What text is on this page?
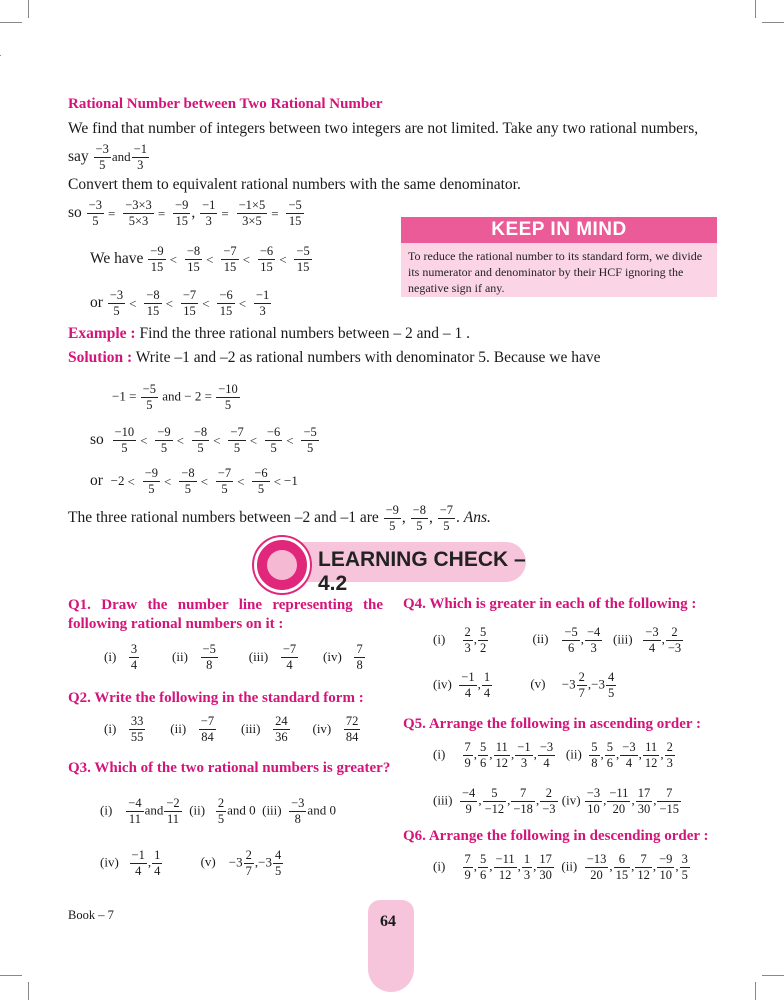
Rational Number between Two Rational Number
We find that number of integers between two integers are not limited. Take any two rational numbers,
say $\frac{-3}{5}$ and $\frac{-1}{3}$
Convert them to equivalent rational numbers with the same denominator.
so $\frac{-3}{5} = \frac{-3\times 3}{5\times 3} = \frac{-9}{15}$ , $\frac{-1}{3} = \frac{-1\times 5}{3\times 5} = \frac{-5}{15}$
We have $\frac{-9}{15} < \frac{-8}{15} < \frac{-7}{15} < \frac{-6}{15} < \frac{-5}{15}$
or $\frac{-3}{5} < \frac{-8}{15} < \frac{-7}{15} < \frac{-6}{15} < \frac{-1}{3}$
KEEP IN MIND
To reduce the rational number to its standard form, we divide its numerator and denominator by their HCF ignoring the negative sign if any.
Example : Find the three rational numbers between – 2 and – 1 .
Solution : Write –1 and –2 as rational numbers with denominator 5. Because we have
$-1 = \frac{-5}{5}$ and − $2 = \frac{-10}{5}$
so $\frac{-10}{5} < \frac{-9}{5} < \frac{-8}{5} < \frac{-7}{5} < \frac{-6}{5} < \frac{-5}{5}$
or $-2 < \frac{-9}{5} < \frac{-8}{5} < \frac{-7}{5} < \frac{-6}{5} < -1$
The three rational numbers between –2 and –1 are $\frac{-9}{5}$ , $\frac{-8}{5}$ , $\frac{-7}{5}$ . Ans.
LEARNING CHECK – 4.2
Q1. Draw the number line representing the following rational numbers on it :
$(i) \frac{3}{4}$	$(ii) \frac{-5}{8} (iii) \frac{-7}{4} (iv) \frac{7}{8}$
Q2. Write the following in the standard form :
$(i) \frac{33}{55} (ii) \frac{-7}{84} (iii) \frac{24}{36} (iv) \frac{72}{84}$
Q3. Which of the two rational numbers is greater?
$(i) \frac{-4}{11}$ and $\frac{-2}{11} (ii) \frac{2}{5}$ and 0 $(iii) \frac{-3}{8}$ and 0
$(iv) \frac{-1}{4}$ , $\frac{1}{4}$	(v)    $-3 \frac{2}{7} ,-3 \frac{4}{5}$
Q4. Which is greater in each of the following :
$(i) \frac{2}{3}$ , $\frac{5}{2}$	$(ii) \frac{-5}{6}$ , $\frac{-4}{3} (iii) \frac{-3}{4}$ , $\frac{2}{-3}$
$(iv) \frac{-1}{4}$ , $\frac{1}{4}$	(v)     $-3 \frac{2}{7} ,-3 \frac{4}{5}$
Q5. Arrange the following in ascending order :
$(i) \frac{7}{9}$ , $\frac{5}{6}$ , $\frac{11}{12}$ , $\frac{-1}{3}$ , $\frac{-3}{4} (ii) \frac{5}{8}$ , $\frac{5}{6}$ , $\frac{-3}{4}$ , $\frac{11}{12}$ , $\frac{2}{3}$
$(iii) \frac{-4}{9}$ , $\frac{5}{-12}$ , $\frac{7}{-18}$ , $\frac{2}{-3} (iv) \frac{-3}{10}$ , $\frac{-11}{20}$ , $\frac{17}{30}$ , $\frac{7}{-15}$
Q6. Arrange the following in descending order :
$(i) \frac{7}{9}$ , $\frac{5}{6}$ , $\frac{-11}{12}$ , $\frac{1}{3}$ , $\frac{17}{30} (ii) \frac{-13}{20}$ , $\frac{6}{15}$ , $\frac{7}{12}$ , $\frac{-9}{10}$ , $\frac{3}{5}$
Book – 7	64
